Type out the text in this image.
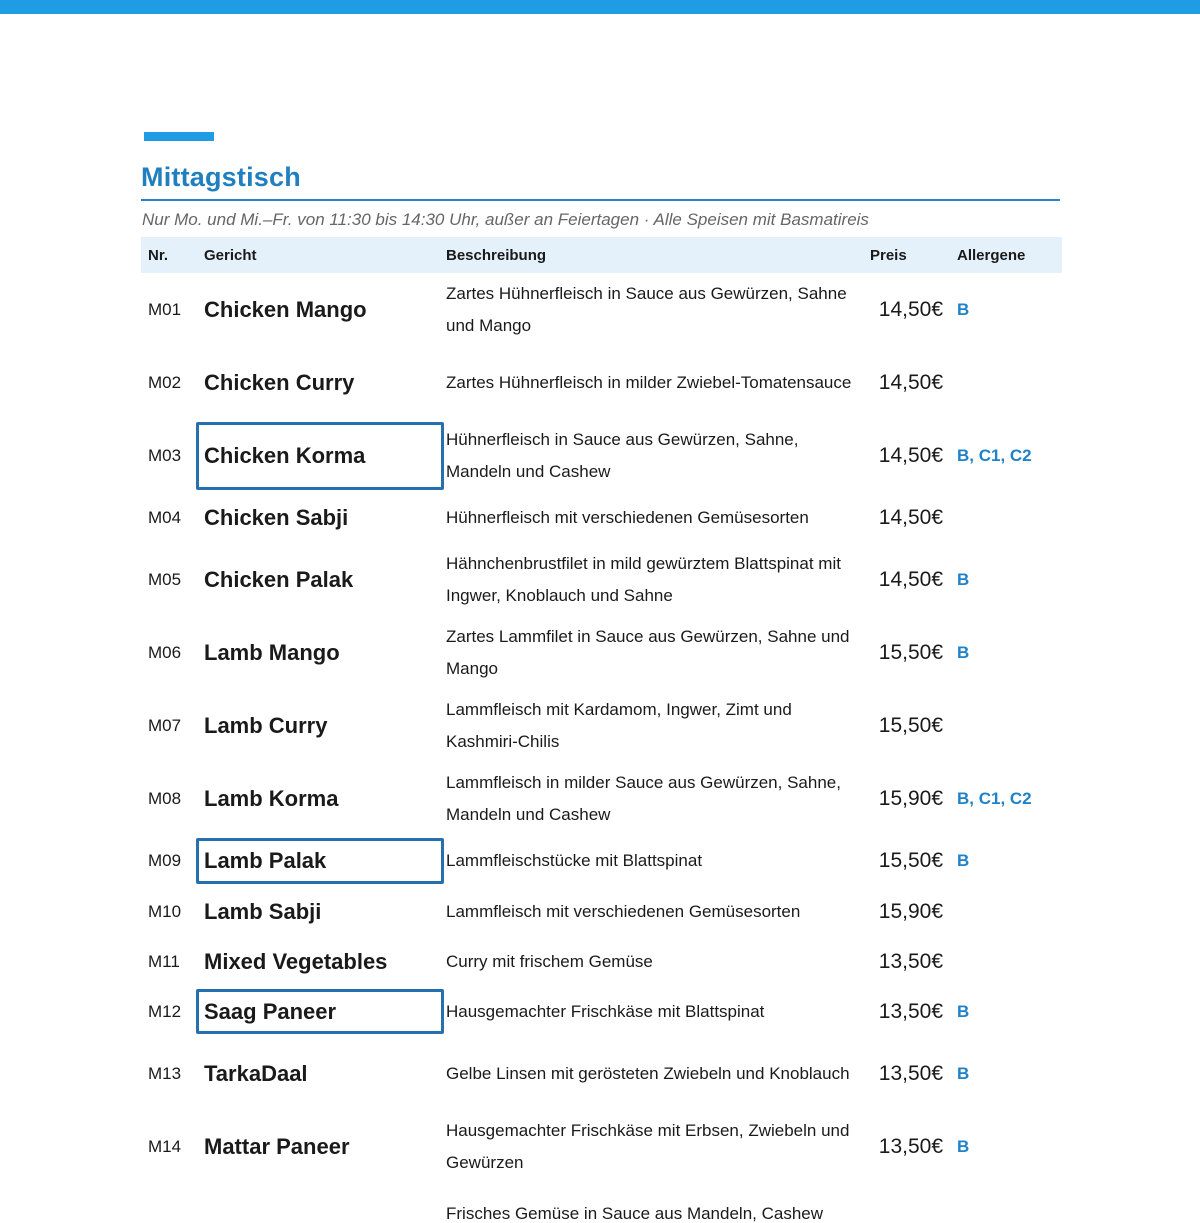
Mittagstisch
Nur Mo. und Mi.–Fr. von 11:30 bis 14:30 Uhr, außer an Feiertagen · Alle Speisen mit Basmatireis
Nr.	Gericht	Beschreibung	Preis	Allergene
M01	Chicken Mango	Zartes Hühnerfleisch in Sauce aus Gewürzen, Sahne und Mango	14,50€	B
M02	Chicken Curry	Zartes Hühnerfleisch in milder Zwiebel-Tomatensauce	14,50€	
M03	Chicken Korma	Hühnerfleisch in Sauce aus Gewürzen, Sahne, Mandeln und Cashew	14,50€	B, C1, C2
M04	Chicken Sabji	Hühnerfleisch mit verschiedenen Gemüsesorten	14,50€	
M05	Chicken Palak	Hähnchenbrustfilet in mild gewürztem Blattspinat mit Ingwer, Knoblauch und Sahne	14,50€	B
M06	Lamb Mango	Zartes Lammfilet in Sauce aus Gewürzen, Sahne und Mango	15,50€	B
M07	Lamb Curry	Lammfleisch mit Kardamom, Ingwer, Zimt und Kashmiri-Chilis	15,50€	
M08	Lamb Korma	Lammfleisch in milder Sauce aus Gewürzen, Sahne, Mandeln und Cashew	15,90€	B, C1, C2
M09	Lamb Palak	Lammfleischstücke mit Blattspinat	15,50€	B
M10	Lamb Sabji	Lammfleisch mit verschiedenen Gemüsesorten	15,90€	
M11	Mixed Vegetables	Curry mit frischem Gemüse	13,50€	
M12	Saag Paneer	Hausgemachter Frischkäse mit Blattspinat	13,50€	B
M13	TarkaDaal	Gelbe Linsen mit gerösteten Zwiebeln und Knoblauch	13,50€	B
M14	Mattar Paneer	Hausgemachter Frischkäse mit Erbsen, Zwiebeln und Gewürzen	13,50€	B
		Frisches Gemüse in Sauce aus Mandeln, Cashew		
